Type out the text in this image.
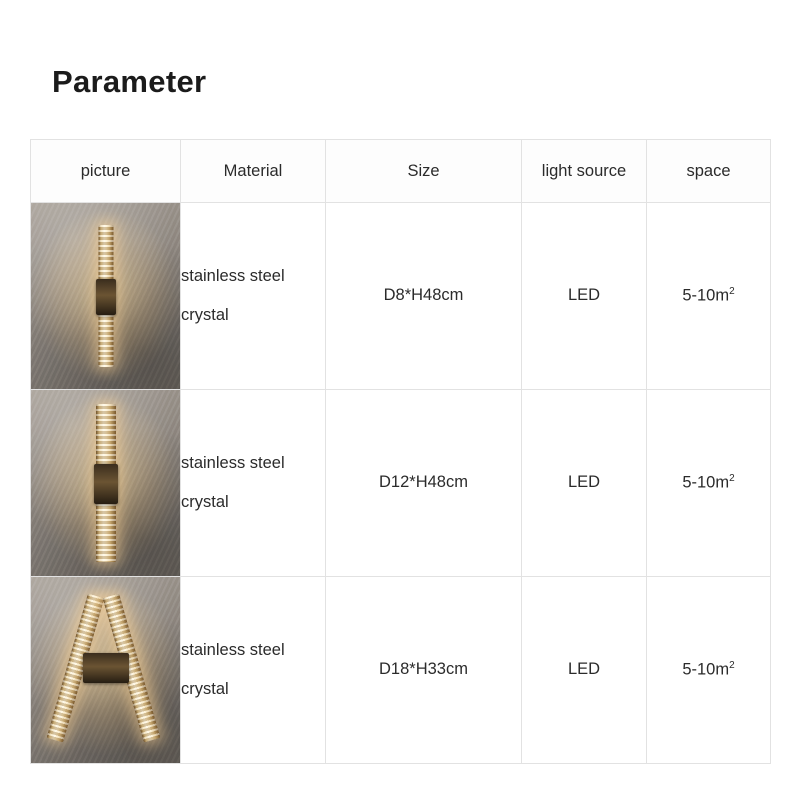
Parameter
picture	Material	Size	light source	space

	stainless steel
crystal	D8*H48cm	LED	$5-10m^2$

	stainless steel
crystal	D12*H48cm	LED	$5-10m^2$

	stainless steel
crystal	D18*H33cm	LED	$5-10m^2$
